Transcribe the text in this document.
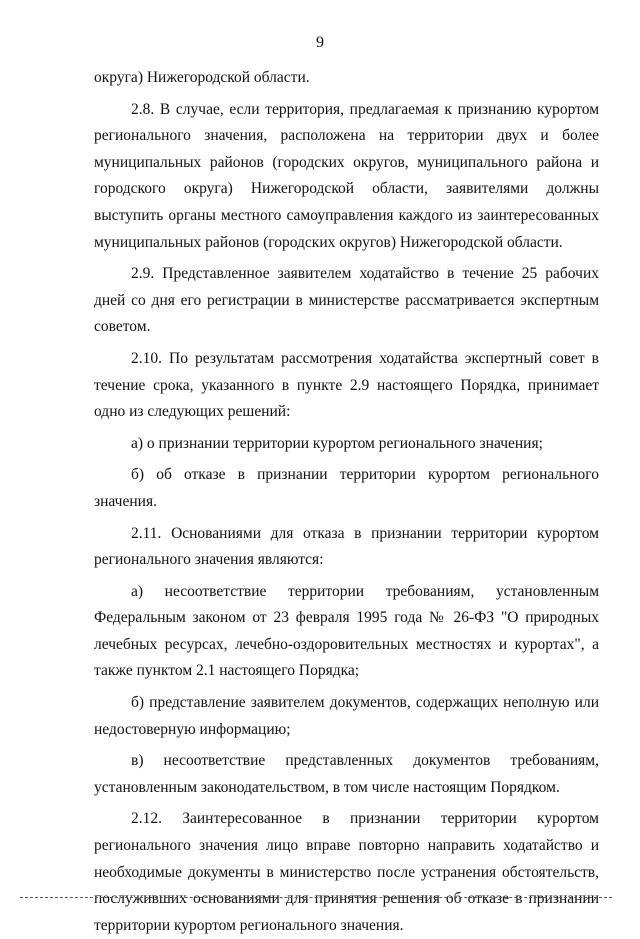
9

округа) Нижегородской области.

2.8. В случае, если территория, предлагаемая к признанию курортом регионального значения, расположена на территории двух и более муниципальных районов (городских округов, муниципального района и городского округа) Нижегородской области, заявителями должны выступить органы местного самоуправления каждого из заинтересованных муниципальных районов (городских округов) Нижегородской области.

2.9. Представленное заявителем ходатайство в течение 25 рабочих дней со дня его регистрации в министерстве рассматривается экспертным советом.

2.10. По результатам рассмотрения ходатайства экспертный совет в течение срока, указанного в пункте 2.9 настоящего Порядка, принимает одно из следующих решений:

а) о признании территории курортом регионального значения;

б) об отказе в признании территории курортом регионального значения.

2.11. Основаниями для отказа в признании территории курортом регионального значения являются:

а) несоответствие территории требованиям, установленным Федеральным законом от 23 февраля 1995 года № 26-ФЗ "О природных лечебных ресурсах, лечебно-оздоровительных местностях и курортах", а также пунктом 2.1 настоящего Порядка;

б) представление заявителем документов, содержащих неполную или недостоверную информацию;

в) несоответствие представленных документов требованиям, установленным законодательством, в том числе настоящим Порядком.

2.12. Заинтересованное в признании территории курортом регионального значения лицо вправе повторно направить ходатайство и необходимые документы в министерство после устранения обстоятельств, послуживших основаниями для принятия решения об отказе в признании территории курортом регионального значения.
